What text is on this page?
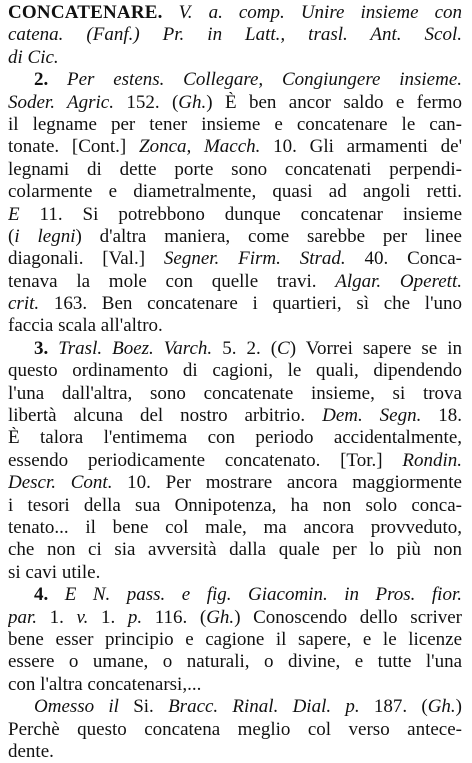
CONCATENARE. V. a. comp. Unire insieme con
catena. (Fanf.) Pr. in Latt., trasl. Ant. Scol.
di Cic.
2. Per estens. Collegare, Congiungere insieme.
Soder. Agric. 152. (Gh.) È ben ancor saldo e fermo
il legname per tener insieme e concatenare le can-
tonate. [Cont.] Zonca, Macch. 10. Gli armamenti de'
legnami di dette porte sono concatenati perpendi-
colarmente e diametralmente, quasi ad angoli retti.
E 11. Si potrebbono dunque concatenar insieme
(i legni) d'altra maniera, come sarebbe per linee
diagonali. [Val.] Segner. Firm. Strad. 40. Conca-
tenava la mole con quelle travi. Algar. Operett.
crit. 163. Ben concatenare i quartieri, sì che l'uno
faccia scala all'altro.
3. Trasl. Boez. Varch. 5. 2. (C) Vorrei sapere se in
questo ordinamento di cagioni, le quali, dipendendo
l'una dall'altra, sono concatenate insieme, si trova
libertà alcuna del nostro arbitrio. Dem. Segn. 18.
È talora l'entimema con periodo accidentalmente,
essendo periodicamente concatenato. [Tor.] Rondin.
Descr. Cont. 10. Per mostrare ancora maggiormente
i tesori della sua Onnipotenza, ha non solo conca-
tenato... il bene col male, ma ancora provveduto,
che non ci sia avversità dalla quale per lo più non
si cavi utile.
4. E N. pass. e fig. Giacomin. in Pros. fior.
par. 1. v. 1. p. 116. (Gh.) Conoscendo dello scriver
bene esser principio e cagione il sapere, e le licenze
essere o umane, o naturali, o divine, e tutte l'una
con l'altra concatenarsi,...
Omesso il Si. Bracc. Rinal. Dial. p. 187. (Gh.)
Perchè questo concatena meglio col verso antece-
dente.
